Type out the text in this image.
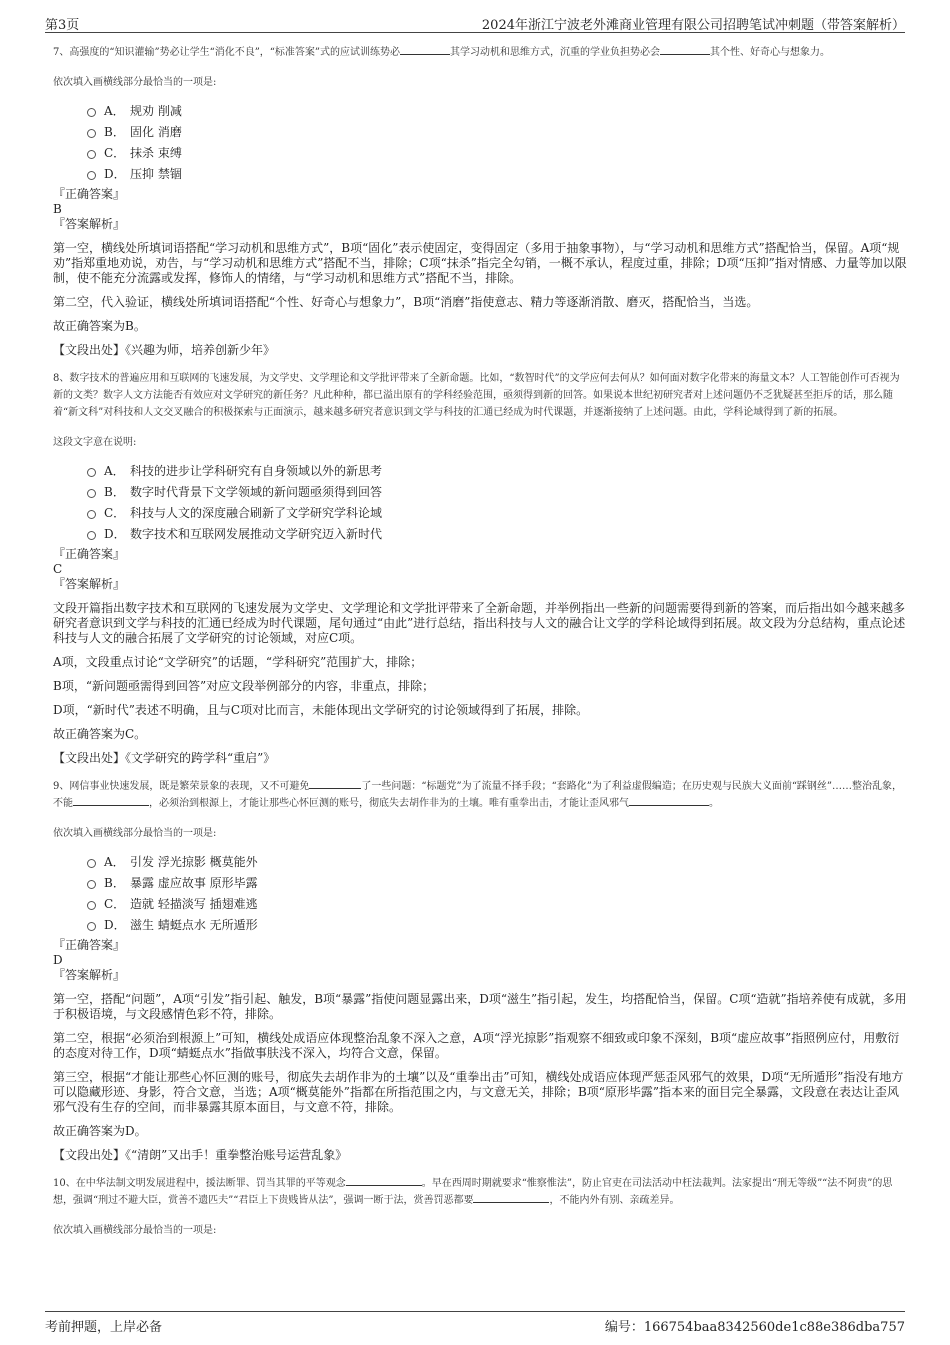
第3页	2024年浙江宁波老外滩商业管理有限公司招聘笔试冲刺题（带答案解析）
7、高强度的“知识灌输”势必让学生“消化不良”，“标准答案”式的应试训练势必	其学习动机和思维方式，沉重的学业负担势必会	其个性、好奇心与想象力。
依次填入画横线部分最恰当的一项是:
A． 规劝 削减
B． 固化 消磨
C． 抹杀 束缚
D． 压抑 禁锢
『正确答案』
B
『答案解析』
第一空，横线处所填词语搭配“学习动机和思维方式”，B项“固化”表示使固定，变得固定（多用于抽象事物），与“学习动机和思维方式”搭配恰当，保留。A项“规劝”指郑重地劝说，劝告，与“学习动机和思维方式”搭配不当，排除；C项“抹杀”指完全勾销，一概不承认，程度过重，排除；D项“压抑”指对情感、力量等加以限制，使不能充分流露或发挥，修饰人的情绪，与“学习动机和思维方式”搭配不当，排除。
第二空，代入验证，横线处所填词语搭配“个性、好奇心与想象力”，B项“消磨”指使意志、精力等逐渐消散、磨灭，搭配恰当，当选。
故正确答案为B。
【文段出处】《兴趣为师，培养创新少年》
8、数字技术的普遍应用和互联网的飞速发展，为文学史、文学理论和文学批评带来了全新命题。比如，“数智时代”的文学应何去何从？如何面对数字化带来的海量文本？人工智能创作可否视为新的文类？数字人文方法能否有效应对文学研究的新任务？凡此种种，都已溢出原有的学科经验范围，亟须得到新的回答。如果说本世纪初研究者对上述问题仍不乏犹疑甚至拒斥的话，那么随着“新文科”对科技和人文交叉融合的积极探索与正面演示，越来越多研究者意识到文学与科技的汇通已经成为时代课题，并逐渐接纳了上述问题。由此，学科论域得到了新的拓展。
这段文字意在说明:
A． 科技的进步让学科研究有自身领域以外的新思考
B． 数字时代背景下文学领域的新问题亟须得到回答
C． 科技与人文的深度融合刷新了文学研究学科论域
D． 数字技术和互联网发展推动文学研究迈入新时代
『正确答案』
C
『答案解析』
文段开篇指出数字技术和互联网的飞速发展为文学史、文学理论和文学批评带来了全新命题，并举例指出一些新的问题需要得到新的答案，而后指出如今越来越多研究者意识到文学与科技的汇通已经成为时代课题，尾句通过“由此”进行总结，指出科技与人文的融合让文学的学科论域得到拓展。故文段为分总结构，重点论述科技与人文的融合拓展了文学研究的讨论领域，对应C项。
A项，文段重点讨论“文学研究”的话题，“学科研究”范围扩大，排除；
B项，“新问题亟需得到回答”对应文段举例部分的内容，非重点，排除；
D项，“新时代”表述不明确，且与C项对比而言，未能体现出文学研究的讨论领域得到了拓展，排除。
故正确答案为C。
【文段出处】《文学研究的跨学科“重启”》
9、网信事业快速发展，既是繁荣景象的表现，又不可避免	了一些问题：“标题党”为了流量不择手段；“套路化”为了利益虚假编造；在历史观与民族大义面前“踩钢丝”……整治乱象，不能	，必须治到根源上，才能让那些心怀叵测的账号，彻底失去胡作非为的土壤。唯有重拳出击，才能让歪风邪气	。
依次填入画横线部分最恰当的一项是:
A． 引发 浮光掠影 概莫能外
B． 暴露 虚应故事 原形毕露
C． 造就 轻描淡写 插翅难逃
D． 滋生 蜻蜓点水 无所遁形
『正确答案』
D
『答案解析』
第一空，搭配“问题”，A项“引发”指引起、触发，B项“暴露”指使问题显露出来，D项“滋生”指引起，发生，均搭配恰当，保留。C项“造就”指培养使有成就，多用于积极语境，与文段感情色彩不符，排除。
第二空，根据“必须治到根源上”可知，横线处成语应体现整治乱象不深入之意，A项“浮光掠影”指观察不细致或印象不深刻，B项“虚应故事”指照例应付，用敷衍的态度对待工作，D项“蜻蜓点水”指做事肤浅不深入，均符合文意，保留。
第三空，根据“才能让那些心怀叵测的账号，彻底失去胡作非为的土壤”以及“重拳出击”可知，横线处成语应体现严惩歪风邪气的效果，D项“无所遁形”指没有地方可以隐藏形迹、身影，符合文意，当选；A项“概莫能外”指都在所指范围之内，与文意无关，排除；B项“原形毕露”指本来的面目完全暴露，文段意在表达让歪风邪气没有生存的空间，而非暴露其原本面目，与文意不符，排除。
故正确答案为D。
【文段出处】《“清朗”又出手！重拳整治账号运营乱象》
10、在中华法制文明发展进程中，援法断罪、罚当其罪的平等观念	。早在西周时期就要求“惟察惟法”，防止官吏在司法活动中枉法裁判。法家提出“刑无等级”“法不阿贵”的思想，强调“刑过不避大臣，赏善不遗匹夫”“君臣上下贵贱皆从法”，强调一断于法，赏善罚恶都要	，不能内外有别、亲疏差异。
依次填入画横线部分最恰当的一项是:
考前押题，上岸必备	编号：166754baa8342560de1c88e386dba757
